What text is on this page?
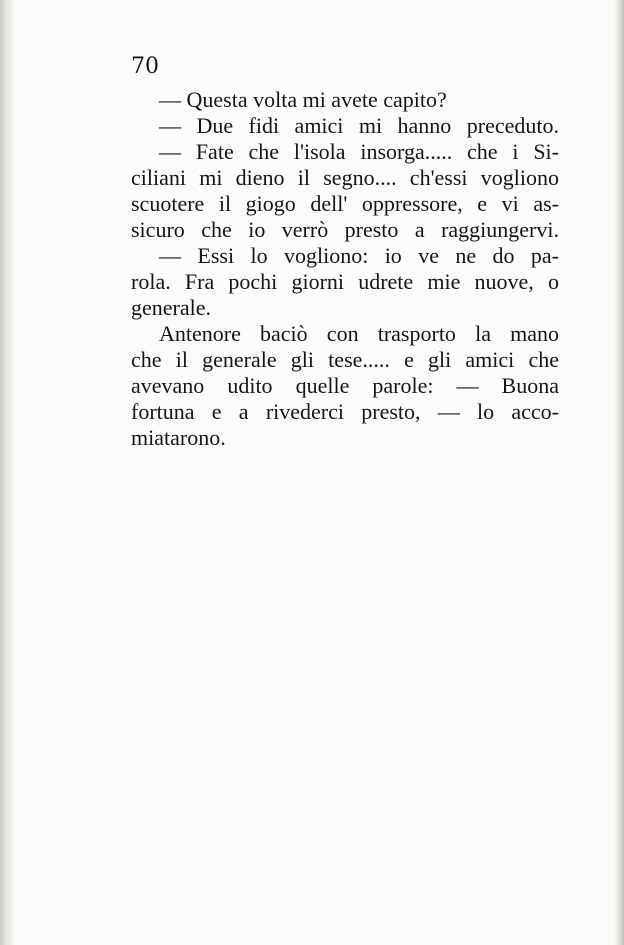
70
— Questa volta mi avete capito?
— Due fidi amici mi hanno preceduto.
— Fate che l'isola insorga..... che i Si-
ciliani mi dieno il segno.... ch'essi vogliono
scuotere il giogo dell' oppressore, e vi as-
sicuro che io verrò presto a raggiungervi.
— Essi lo vogliono: io ve ne do pa-
rola. Fra pochi giorni udrete mie nuove, o
generale.
Antenore baciò con trasporto la mano
che il generale gli tese..... e gli amici che
avevano udito quelle parole: — Buona
fortuna e a rivederci presto, — lo acco-
miatarono.
